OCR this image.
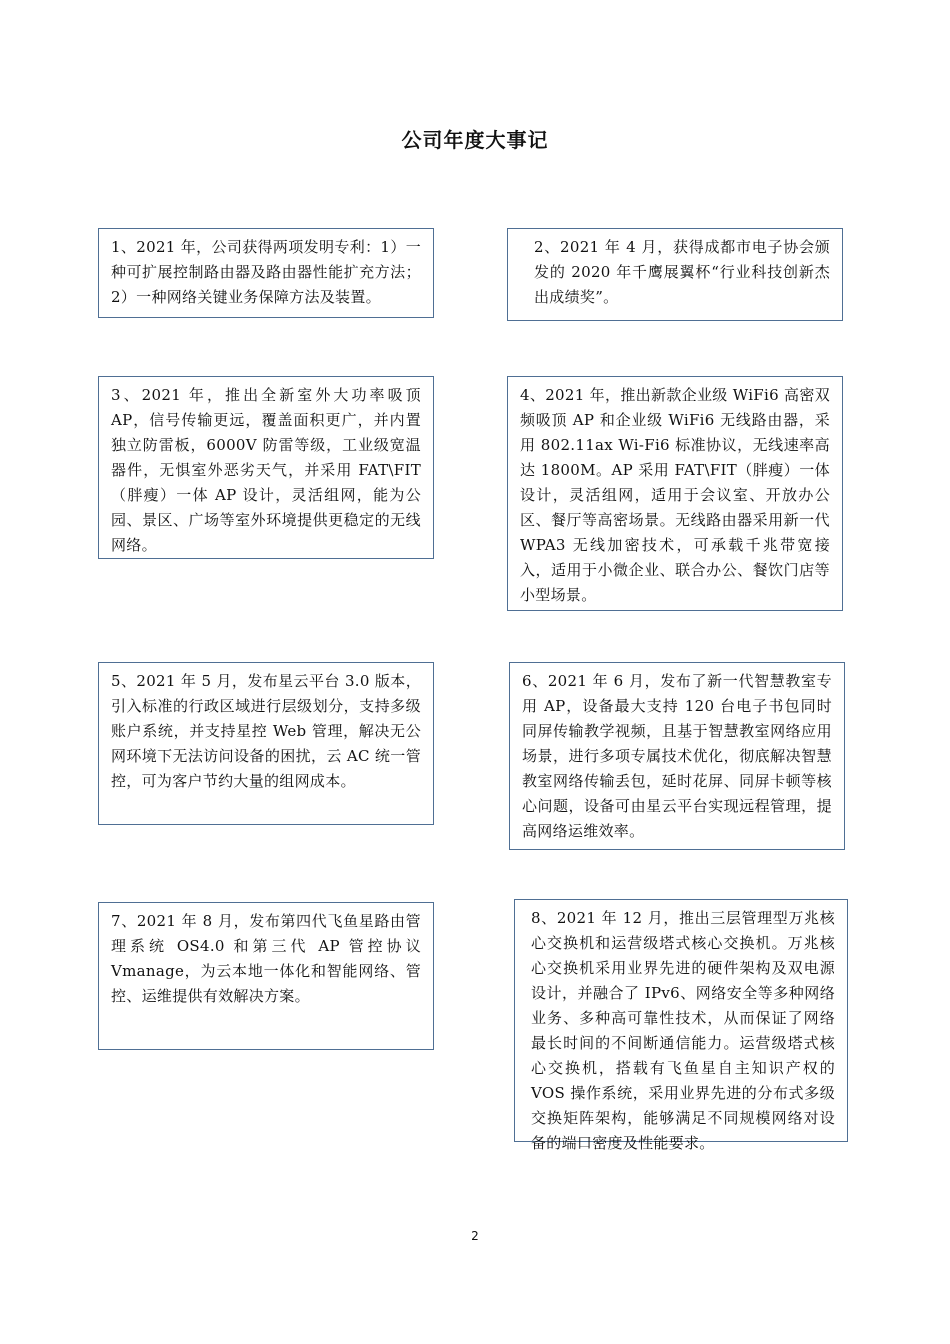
公司年度大事记
1、2021 年，公司获得两项发明专利：1）一种可扩展控制路由器及路由器性能扩充方法；2）一种网络关键业务保障方法及装置。
2、2021 年 4 月，获得成都市电子协会颁发的 2020 年千鹰展翼杯“行业科技创新杰出成绩奖”。
3、2021 年，推出全新室外大功率吸顶 AP，信号传输更远，覆盖面积更广，并内置独立防雷板，6000V 防雷等级，工业级宽温器件，无惧室外恶劣天气，并采用 FAT\FIT（胖瘦）一体 AP 设计，灵活组网，能为公园、景区、广场等室外环境提供更稳定的无线网络。
4、2021 年，推出新款企业级 WiFi6 高密双频吸顶 AP 和企业级 WiFi6 无线路由器，采用 802.11ax Wi-Fi6 标准协议，无线速率高达 1800M。AP 采用 FAT\FIT（胖瘦）一体设计，灵活组网，适用于会议室、开放办公区、餐厅等高密场景。无线路由器采用新一代 WPA3 无线加密技术，可承载千兆带宽接入，适用于小微企业、联合办公、餐饮门店等小型场景。
5、2021 年 5 月，发布星云平台 3.0 版本，引入标准的行政区域进行层级划分，支持多级账户系统，并支持星控 Web 管理，解决无公网环境下无法访问设备的困扰，云 AC 统一管控，可为客户节约大量的组网成本。
6、2021 年 6 月，发布了新一代智慧教室专用 AP，设备最大支持 120 台电子书包同时同屏传输教学视频，且基于智慧教室网络应用场景，进行多项专属技术优化，彻底解决智慧教室网络传输丢包，延时花屏、同屏卡顿等核心问题，设备可由星云平台实现远程管理，提高网络运维效率。
7、2021 年 8 月，发布第四代飞鱼星路由管理系统 OS4.0 和第三代 AP 管控协议 Vmanage，为云本地一体化和智能网络、管控、运维提供有效解决方案。
8、2021 年 12 月，推出三层管理型万兆核心交换机和运营级塔式核心交换机。万兆核心交换机采用业界先进的硬件架构及双电源设计，并融合了 IPv6、网络安全等多种网络业务、多种高可靠性技术，从而保证了网络最长时间的不间断通信能力。运营级塔式核心交换机，搭载有飞鱼星自主知识产权的 VOS 操作系统，采用业界先进的分布式多级交换矩阵架构，能够满足不同规模网络对设备的端口密度及性能要求。
2
